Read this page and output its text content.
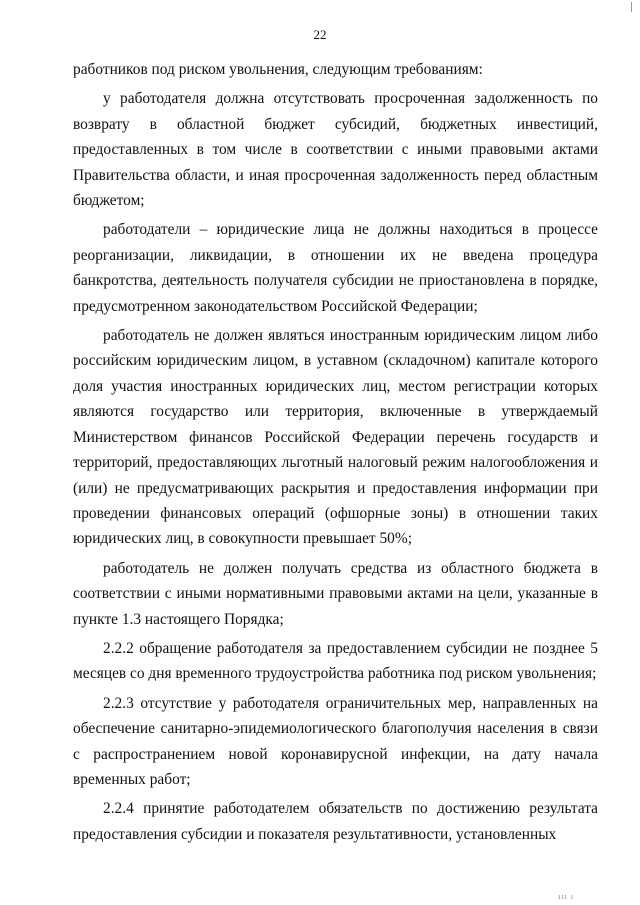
22

работников под риском увольнения, следующим требованиям:

у работодателя должна отсутствовать просроченная задолженность по возврату в областной бюджет субсидий, бюджетных инвестиций, предоставленных в том числе в соответствии с иными правовыми актами Правительства области, и иная просроченная задолженность перед областным бюджетом;

работодатели – юридические лица не должны находиться в процессе реорганизации, ликвидации, в отношении их не введена процедура банкротства, деятельность получателя субсидии не приостановлена в порядке, предусмотренном законодательством Российской Федерации;

работодатель не должен являться иностранным юридическим лицом либо российским юридическим лицом, в уставном (складочном) капитале которого доля участия иностранных юридических лиц, местом регистрации которых являются государство или территория, включенные в утверждаемый Министерством финансов Российской Федерации перечень государств и территорий, предоставляющих льготный налоговый режим налогообложения и (или) не предусматривающих раскрытия и предоставления информации при проведении финансовых операций (офшорные зоны) в отношении таких юридических лиц, в совокупности превышает 50%;

работодатель не должен получать средства из областного бюджета в соответствии с иными нормативными правовыми актами на цели, указанные в пункте 1.3 настоящего Порядка;

2.2.2 обращение работодателя за предоставлением субсидии не позднее 5 месяцев со дня временного трудоустройства работника под риском увольнения;

2.2.3 отсутствие у работодателя ограничительных мер, направленных на обеспечение санитарно-эпидемиологического благополучия населения в связи с распространением новой коронавирусной инфекции, на дату начала временных работ;

2.2.4 принятие работодателем обязательств по достижению результата предоставления субсидии и показателя результативности, установленных

ııı ı
